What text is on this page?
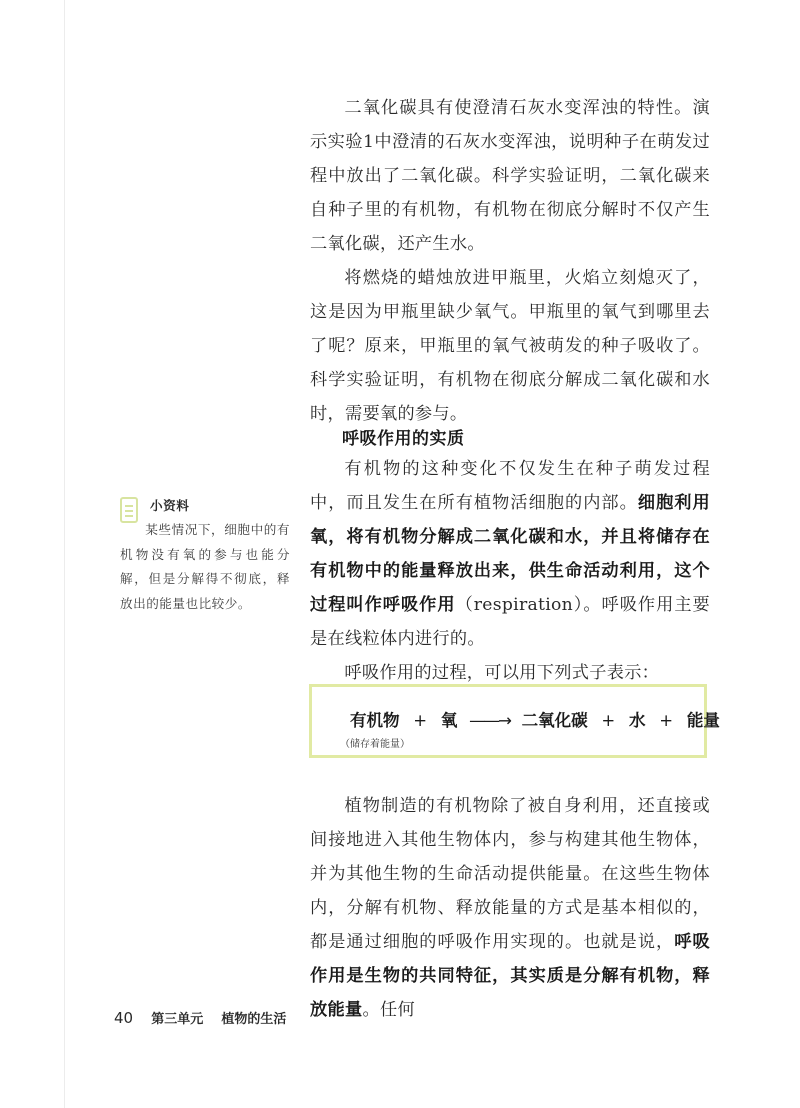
二氧化碳具有使澄清石灰水变浑浊的特性。演示实验1中澄清的石灰水变浑浊，说明种子在萌发过程中放出了二氧化碳。科学实验证明，二氧化碳来自种子里的有机物，有机物在彻底分解时不仅产生二氧化碳，还产生水。

将燃烧的蜡烛放进甲瓶里，火焰立刻熄灭了，这是因为甲瓶里缺少氧气。甲瓶里的氧气到哪里去了呢？原来，甲瓶里的氧气被萌发的种子吸收了。科学实验证明，有机物在彻底分解成二氧化碳和水时，需要氧的参与。

呼吸作用的实质

有机物的这种变化不仅发生在种子萌发过程中，而且发生在所有植物活细胞的内部。细胞利用氧，将有机物分解成二氧化碳和水，并且将储存在有机物中的能量释放出来，供生命活动利用，这个过程叫作呼吸作用（respiration）。呼吸作用主要是在线粒体内进行的。

呼吸作用的过程，可以用下列式子表示：

小资料

某些情况下，细胞中的有机物没有氧的参与也能分解，但是分解得不彻底，释放出的能量也比较少。

有机物 + 氧 ——→ 二氧化碳 + 水 + 能量
（储存着能量）

植物制造的有机物除了被自身利用，还直接或间接地进入其他生物体内，参与构建其他生物体，并为其他生物的生命活动提供能量。在这些生物体内，分解有机物、释放能量的方式是基本相似的，都是通过细胞的呼吸作用实现的。也就是说，呼吸作用是生物的共同特征，其实质是分解有机物，释放能量。任何

40 第三单元 植物的生活
